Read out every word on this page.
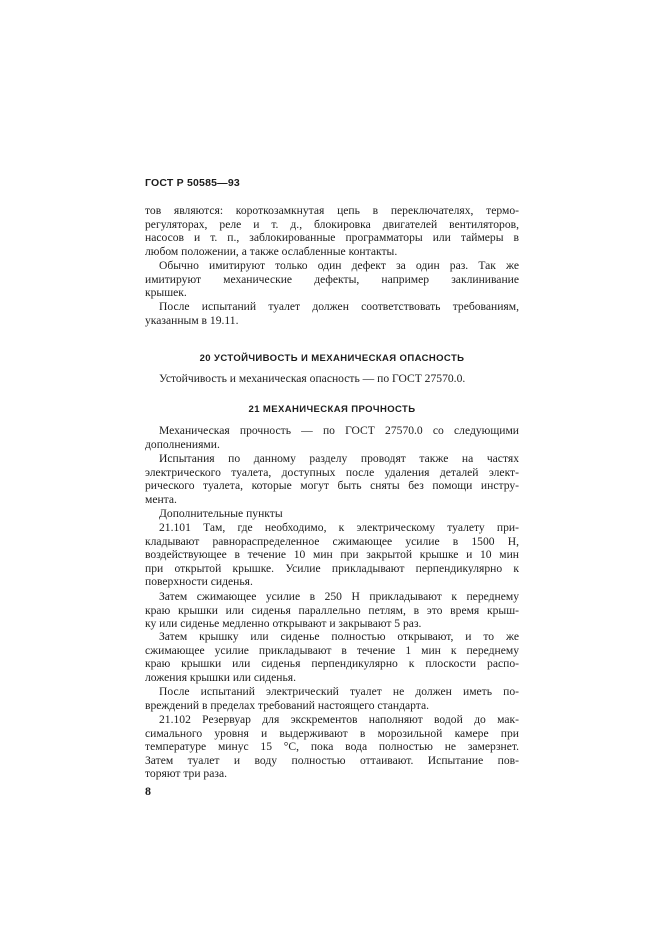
ГОСТ Р 50585—93
тов являются: короткозамкнутая цепь в переключателях, термо-
регуляторах, реле и т. д., блокировка двигателей вентиляторов,
насосов и т. п., заблокированные программаторы или таймеры в
любом положении, а также ослабленные контакты.
Обычно имитируют только один дефект за один раз. Так же
имитируют механические дефекты, например заклинивание
крышек.
После испытаний туалет должен соответствовать требованиям,
указанным в 19.11.
20 УСТОЙЧИВОСТЬ И МЕХАНИЧЕСКАЯ ОПАСНОСТЬ
Устойчивость и механическая опасность — по ГОСТ 27570.0.
21 МЕХАНИЧЕСКАЯ ПРОЧНОСТЬ
Механическая прочность — по ГОСТ 27570.0 со следующими
дополнениями.
Испытания по данному разделу проводят также на частях
электрического туалета, доступных после удаления деталей элект-
рического туалета, которые могут быть сняты без помощи инстру-
мента.
Дополнительные пункты
21.101 Там, где необходимо, к электрическому туалету при-
кладывают равнораспределенное сжимающее усилие в 1500 Н,
воздействующее в течение 10 мин при закрытой крышке и 10 мин
при открытой крышке. Усилие прикладывают перпендикулярно к
поверхности сиденья.
Затем сжимающее усилие в 250 Н прикладывают к переднему
краю крышки или сиденья параллельно петлям, в это время крыш-
ку или сиденье медленно открывают и закрывают 5 раз.
Затем крышку или сиденье полностью открывают, и то же
сжимающее усилие прикладывают в течение 1 мин к переднему
краю крышки или сиденья перпендикулярно к плоскости распо-
ложения крышки или сиденья.
После испытаний электрический туалет не должен иметь по-
вреждений в пределах требований настоящего стандарта.
21.102 Резервуар для экскрементов наполняют водой до мак-
симального уровня и выдерживают в морозильной камере при
температуре минус 15 °С, пока вода полностью не замерзнет.
Затем туалет и воду полностью оттаивают. Испытание пов-
торяют три раза.
8
